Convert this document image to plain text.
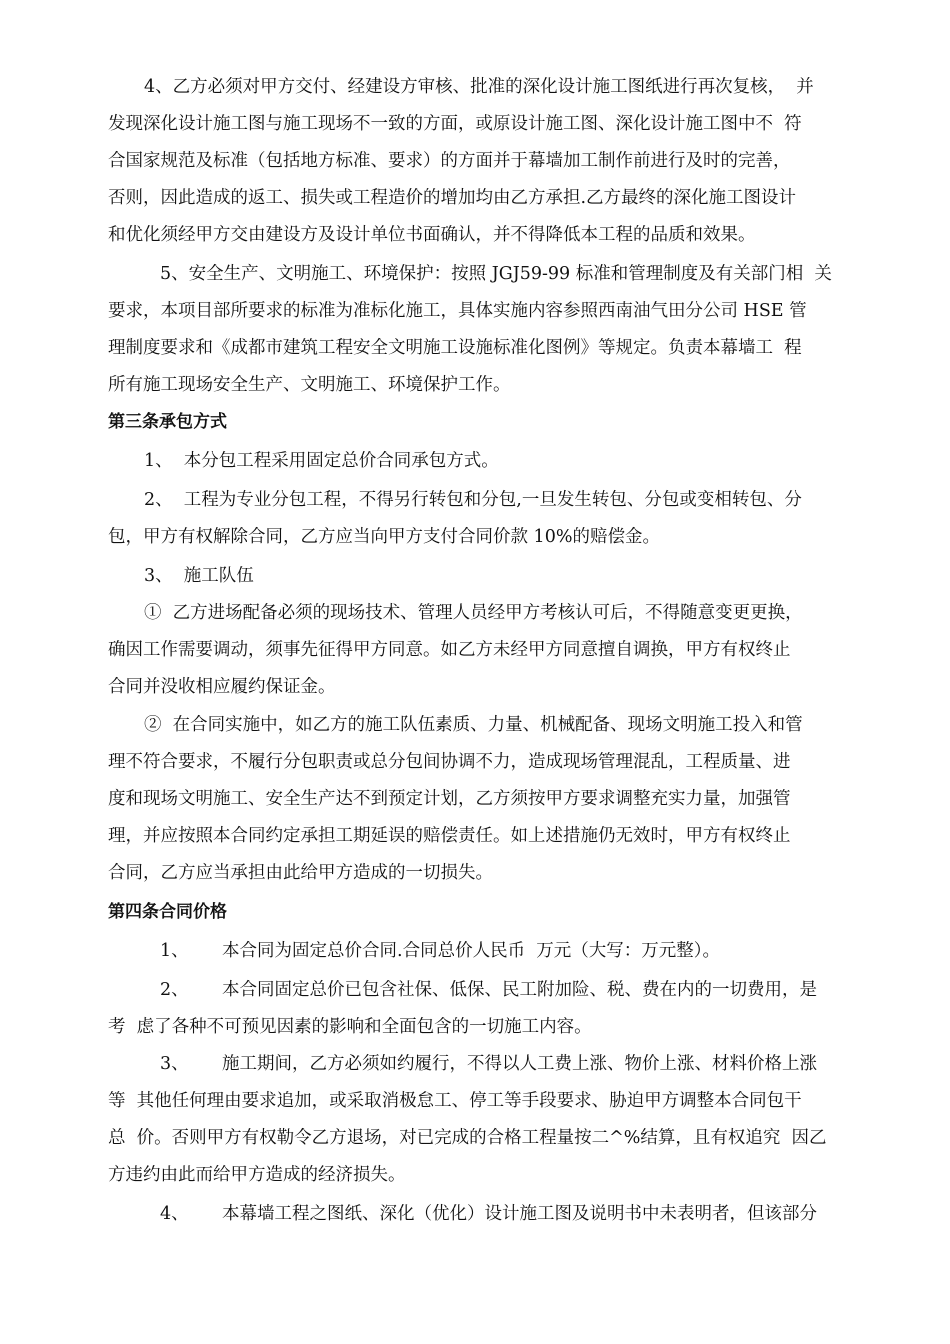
4、乙方必须对甲方交付、经建设方审核、批准的深化设计施工图纸进行再次复核，  并
发现深化设计施工图与施工现场不一致的方面，或原设计施工图、深化设计施工图中不  符
合国家规范及标准（包括地方标准、要求）的方面并于幕墙加工制作前进行及时的完善，
否则，因此造成的返工、损失或工程造价的增加均由乙方承担.乙方最终的深化施工图设计
和优化须经甲方交由建设方及设计单位书面确认，并不得降低本工程的品质和效果。
5、安全生产、文明施工、环境保护：按照 JGJ59-99 标准和管理制度及有关部门相  关
要求，本项目部所要求的标准为准标化施工，具体实施内容参照西南油气田分公司 HSE 管
理制度要求和《成都市建筑工程安全文明施工设施标准化图例》等规定。负责本幕墙工  程
所有施工现场安全生产、文明施工、环境保护工作。
第三条承包方式
1、  本分包工程采用固定总价合同承包方式。
2、  工程为专业分包工程，不得另行转包和分包,一旦发生转包、分包或变相转包、分
包，甲方有权解除合同，乙方应当向甲方支付合同价款 10%的赔偿金。
3、  施工队伍
①  乙方进场配备必须的现场技术、管理人员经甲方考核认可后，不得随意变更更换，
确因工作需要调动，须事先征得甲方同意。如乙方未经甲方同意擅自调换，甲方有权终止
合同并没收相应履约保证金。
②  在合同实施中，如乙方的施工队伍素质、力量、机械配备、现场文明施工投入和管
理不符合要求，不履行分包职责或总分包间协调不力，造成现场管理混乱，工程质量、进
度和现场文明施工、安全生产达不到预定计划，乙方须按甲方要求调整充实力量，加强管
理，并应按照本合同约定承担工期延误的赔偿责任。如上述措施仍无效时，甲方有权终止
合同，乙方应当承担由此给甲方造成的一切损失。
第四条合同价格
1、      本合同为固定总价合同.合同总价人民币  万元（大写：万元整）。
2、      本合同固定总价已包含社保、低保、民工附加险、税、费在内的一切费用，是
考  虑了各种不可预见因素的影响和全面包含的一切施工内容。
3、      施工期间，乙方必须如约履行，不得以人工费上涨、物价上涨、材料价格上涨
等  其他任何理由要求追加，或采取消极怠工、停工等手段要求、胁迫甲方调整本合同包干
总  价。否则甲方有权勒令乙方退场，对已完成的合格工程量按二^%结算，且有权追究  因乙
方违约由此而给甲方造成的经济损失。
4、      本幕墙工程之图纸、深化（优化）设计施工图及说明书中未表明者，但该部分
